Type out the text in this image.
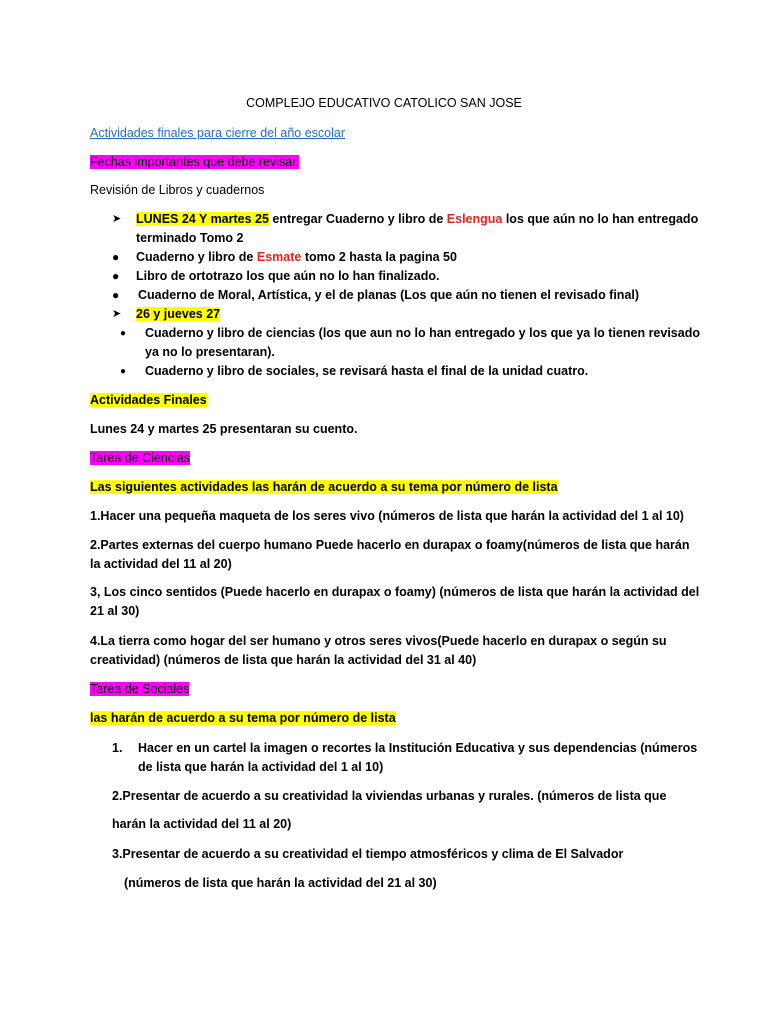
COMPLEJO EDUCATIVO CATOLICO SAN JOSE
Actividades finales para cierre del año escolar
Fechas importantes que debe revisar.
Revisión de Libros y cuadernos
➤	LUNES 24 Y martes 25 entregar Cuaderno y libro de Eslengua los que aún no lo han entregado
terminado Tomo 2
●	Cuaderno y libro de Esmate tomo 2 hasta la pagina 50
●	Libro de ortotrazo los que aún no lo han finalizado.
●	Cuaderno de Moral, Artística, y el de planas (Los que aún no tienen el revisado final)
➤	26 y jueves 27
●	Cuaderno y libro de ciencias (los que aun no lo han entregado y los que ya lo tienen revisado
ya no lo presentaran).
●	Cuaderno y libro de sociales, se revisará hasta el final de la unidad cuatro.
Actividades Finales
Lunes 24 y martes 25 presentaran su cuento.
Tarea de Ciencias
Las siguientes actividades las harán de acuerdo a su tema por número de lista
1.Hacer una pequeña maqueta de los seres vivo (números de lista que harán la actividad del 1 al 10)
2.Partes externas del cuerpo humano Puede hacerlo en durapax o foamy(números de lista que harán
la actividad del 11 al 20)
3, Los cinco sentidos (Puede hacerlo en durapax o foamy) (números de lista que harán la actividad del
21 al 30)
4.La tierra como hogar del ser humano y otros seres vivos(Puede hacerlo en durapax o según su
creatividad) (números de lista que harán la actividad del 31 al 40)
Tarea de Sociales
las harán de acuerdo a su tema por número de lista
1.	Hacer en un cartel la imagen o recortes la Institución Educativa y sus dependencias (números
de lista que harán la actividad del 1 al 10)
2.Presentar de acuerdo a su creatividad la viviendas urbanas y rurales. (números de lista que
harán la actividad del 11 al 20)
3.Presentar de acuerdo a su creatividad el tiempo atmosféricos y clima de El Salvador
(números de lista que harán la actividad del 21 al 30)
